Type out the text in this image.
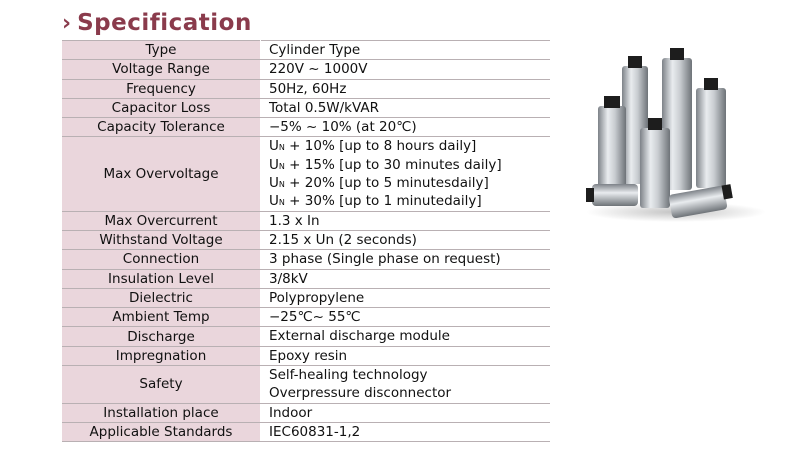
› Specification
Type	Cylinder Type

Voltage Range	220V ~ 1000V

Frequency	50Hz, 60Hz

Capacitor Loss	Total 0.5W/kVAR

Capacity Tolerance	−5% ~ 10% (at 20℃)

Max Overvoltage	UN + 10% [up to 8 hours daily]
UN + 15% [up to 30 minutes daily]
UN + 20% [up to 5 minutesdaily]
UN + 30% [up to 1 minutedaily]

Max Overcurrent	1.3 x In

Withstand Voltage	2.15 x Un (2 seconds)

Connection	3 phase (Single phase on request)

Insulation Level	3/8kV

Dielectric	Polypropylene

Ambient Temp	−25℃~ 55℃

Discharge	External discharge module

Impregnation	Epoxy resin

Safety	Self-healing technology
Overpressure disconnector

Installation place	Indoor

Applicable Standards	IEC60831-1,2
